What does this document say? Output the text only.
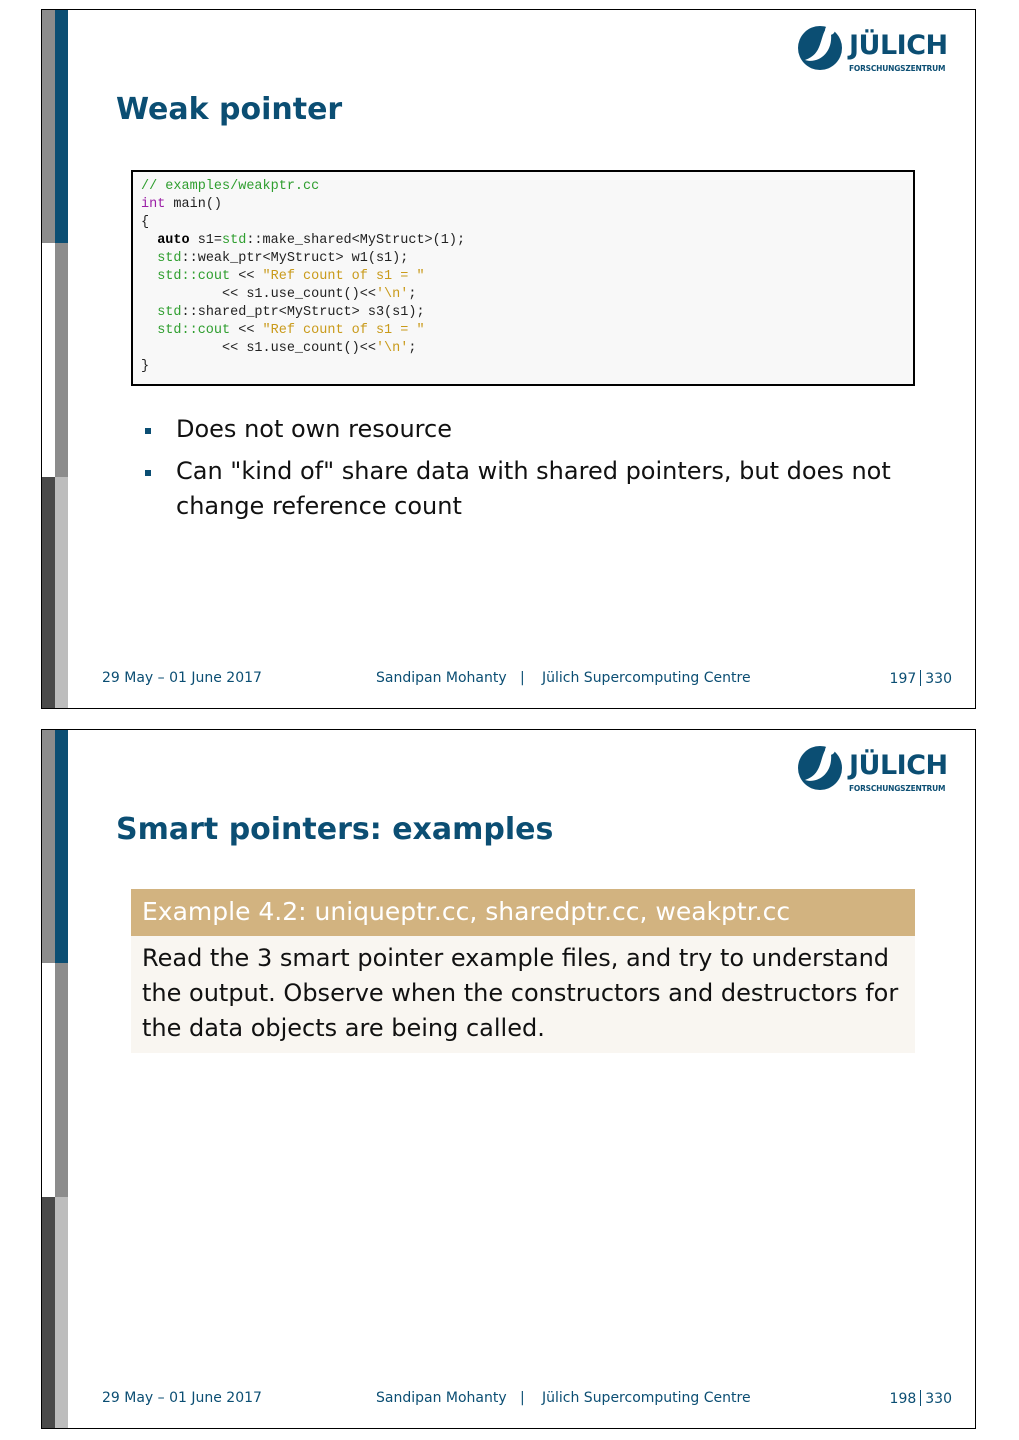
JÜLICH
FORSCHUNGSZENTRUM
Weak pointer
// examples/weakptr.cc
int main()
{
auto s1=std::make_shared<MyStruct>(1);
std::weak_ptr<MyStruct> w1(s1);
std::cout << "Ref count of s1 = "
<< s1.use_count()<<'\n';
std::shared_ptr<MyStruct> s3(s1);
std::cout << "Ref count of s1 = "
<< s1.use_count()<<'\n';
}
Does not own resource
Can "kind of" share data with shared pointers, but does not change reference count
29 May – 01 June 2017	Sandipan Mohanty | Jülich Supercomputing Centre	197 330
JÜLICH
FORSCHUNGSZENTRUM
Smart pointers: examples
Example 4.2: uniqueptr.cc, sharedptr.cc, weakptr.cc
Read the 3 smart pointer example files, and try to understand the output. Observe when the constructors and destructors for the data objects are being called.
29 May – 01 June 2017	Sandipan Mohanty | Jülich Supercomputing Centre	198 330
